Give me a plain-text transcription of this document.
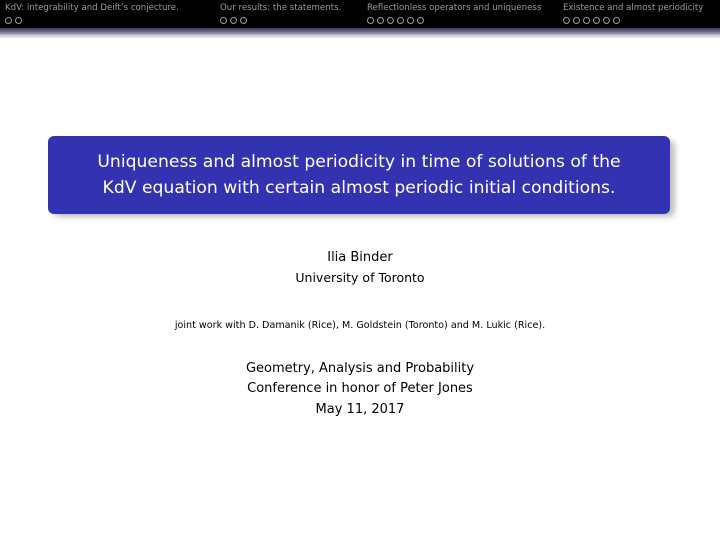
KdV: integrability and Deift’s conjecture.	Our results: the statements.	Reflectionless operators and uniqueness	Existence and almost periodicity
Uniqueness and almost periodicity in time of solutions of the
KdV equation with certain almost periodic initial conditions.
Ilia Binder
University of Toronto
joint work with D. Damanik (Rice), M. Goldstein (Toronto) and M. Lukic (Rice).
Geometry, Analysis and Probability
Conference in honor of Peter Jones
May 11, 2017
